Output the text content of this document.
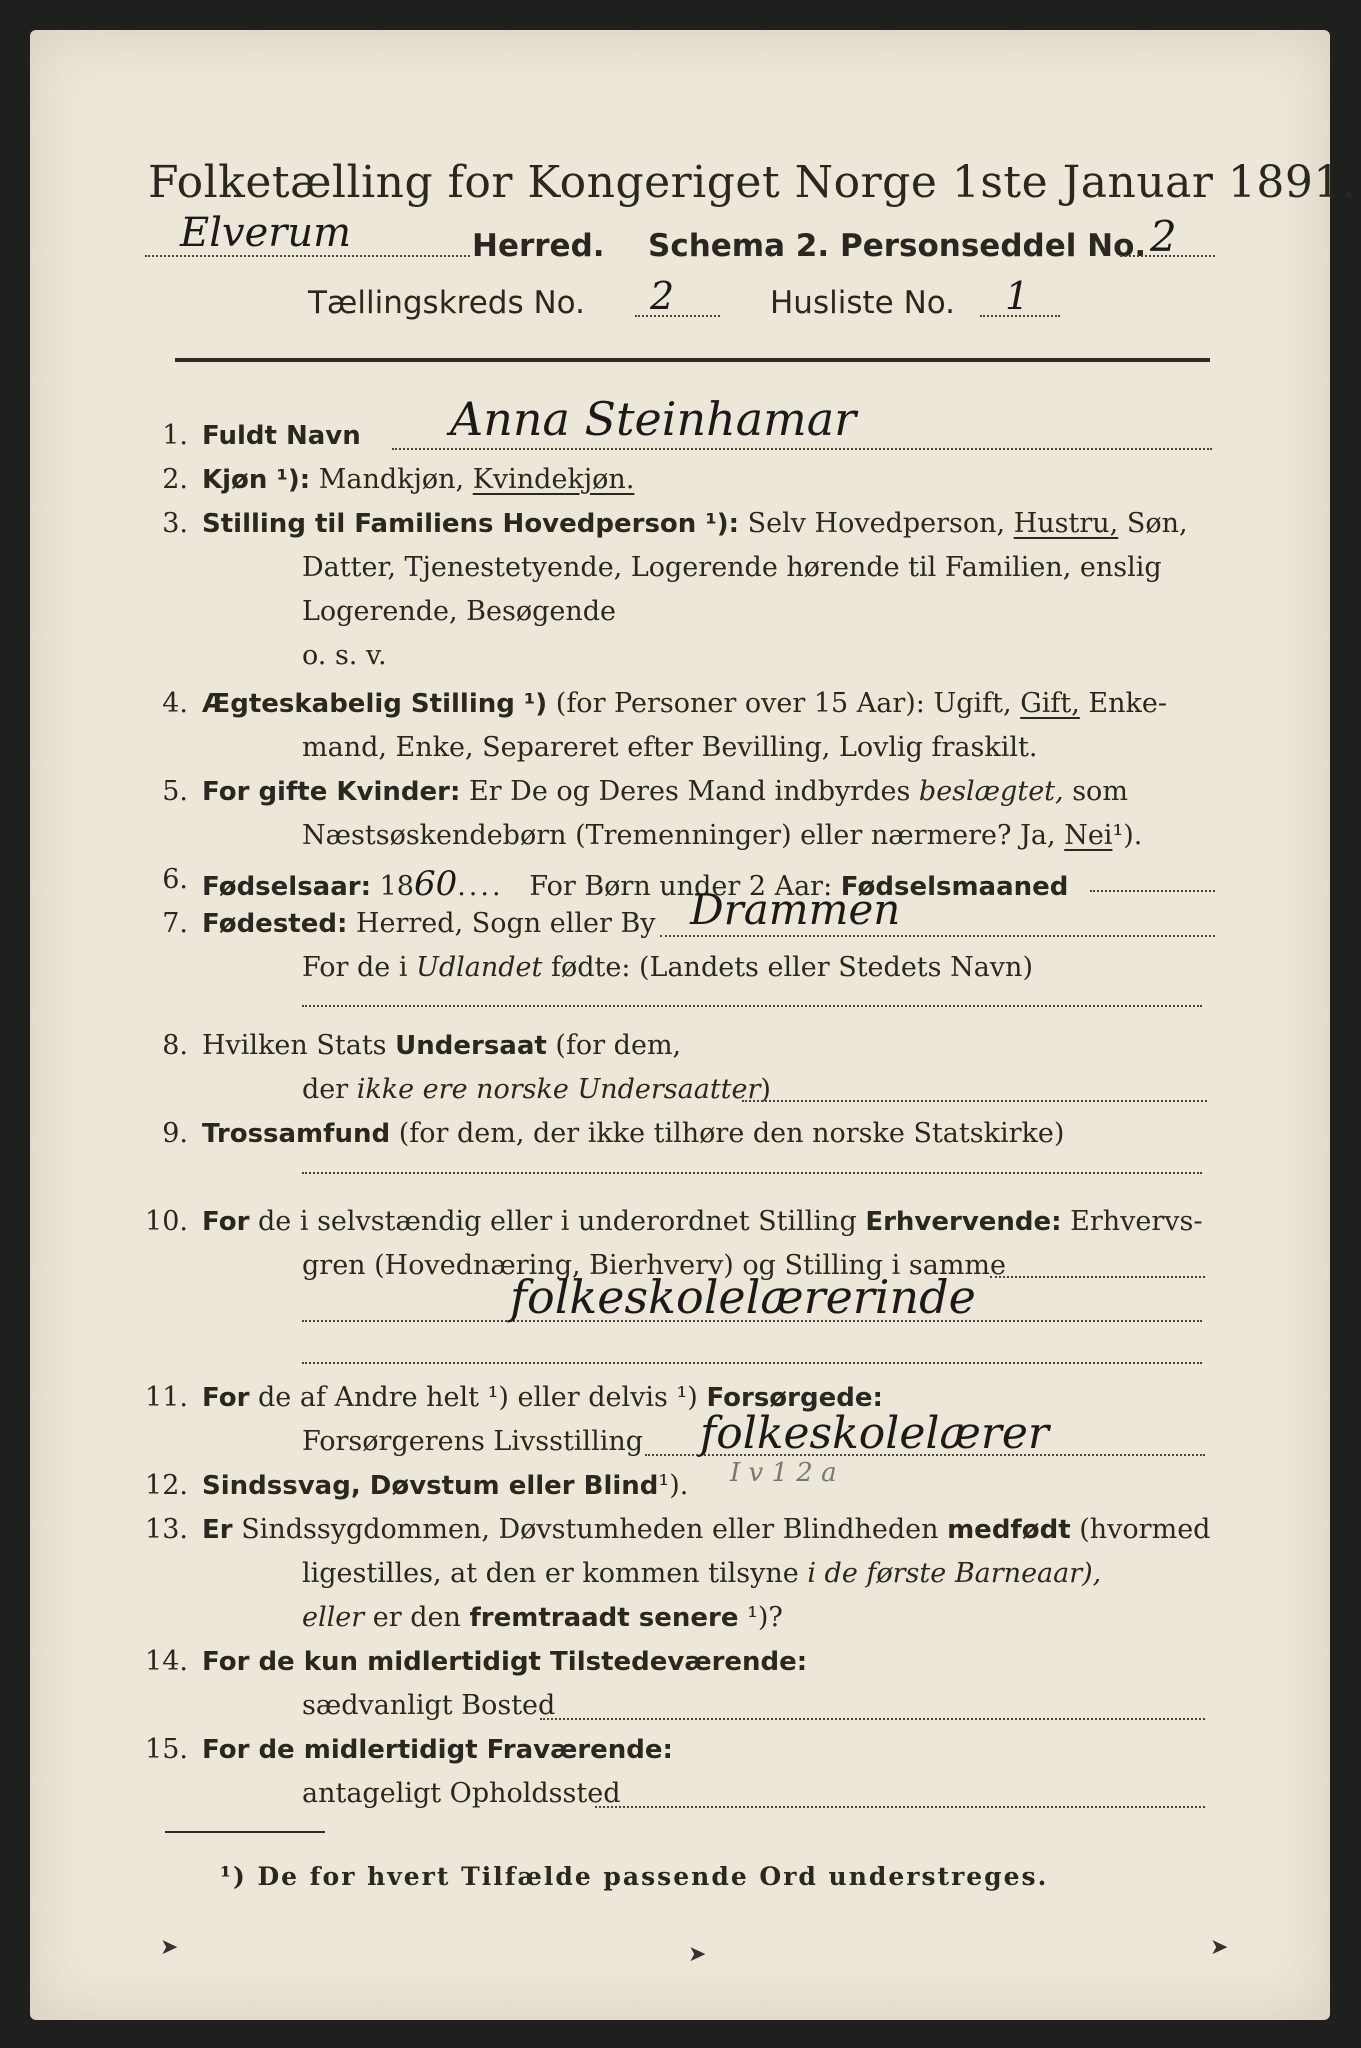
Folketælling for Kongeriget Norge 1ste Januar 1891.
Elverum	Herred. Schema 2. Personseddel No. 2
Tællingskreds No. 2	Husliste No. 1
1. Fuldt Navn Anna Steinhamar
2. Kjøn ¹): Mandkjøn, Kvindekjøn.
3. Stilling til Familiens Hovedperson ¹): Selv Hovedperson, Hustru, Søn,
Datter, Tjenestetyende, Logerende hørende til Familien, enslig
Logerende, Besøgende
o. s. v.
4. Ægteskabelig Stilling ¹) (for Personer over 15 Aar): Ugift, Gift, Enke-
mand, Enke, Separeret efter Bevilling, Lovlig fraskilt.
5. For gifte Kvinder: Er De og Deres Mand indbyrdes beslægtet, som
Næstsøskendebørn (Tremenninger) eller nærmere? Ja, Nei¹).
6. Fødselsaar: 1860.... For Børn under 2 Aar: Fødselsmaaned
7. Fødested: Herred, Sogn eller By Drammen
For de i Udlandet fødte: (Landets eller Stedets Navn)
8. Hvilken Stats Undersaat (for dem,
der ikke ere norske Undersaatter)
9. Trossamfund (for dem, der ikke tilhøre den norske Statskirke)
10. For de i selvstændig eller i underordnet Stilling Erhvervende: Erhvervs-
gren (Hovednæring, Bierhverv) og Stilling i samme
folkeskolelærerinde
11. For de af Andre helt ¹) eller delvis ¹) Forsørgede:
Forsørgerens Livsstilling folkeskolelærer
12. Sindssvag, Døvstum eller Blind¹). I v 1 2 a
13. Er Sindssygdommen, Døvstumheden eller Blindheden medfødt (hvormed
ligestilles, at den er kommen tilsyne i de første Barneaar),
eller er den fremtraadt senere ¹)?
14. For de kun midlertidigt Tilstedeværende:
sædvanligt Bosted
15. For de midlertidigt Fraværende:
antageligt Opholdssted
¹) De for hvert Tilfælde passende Ord understreges.
➤	➤	➤
